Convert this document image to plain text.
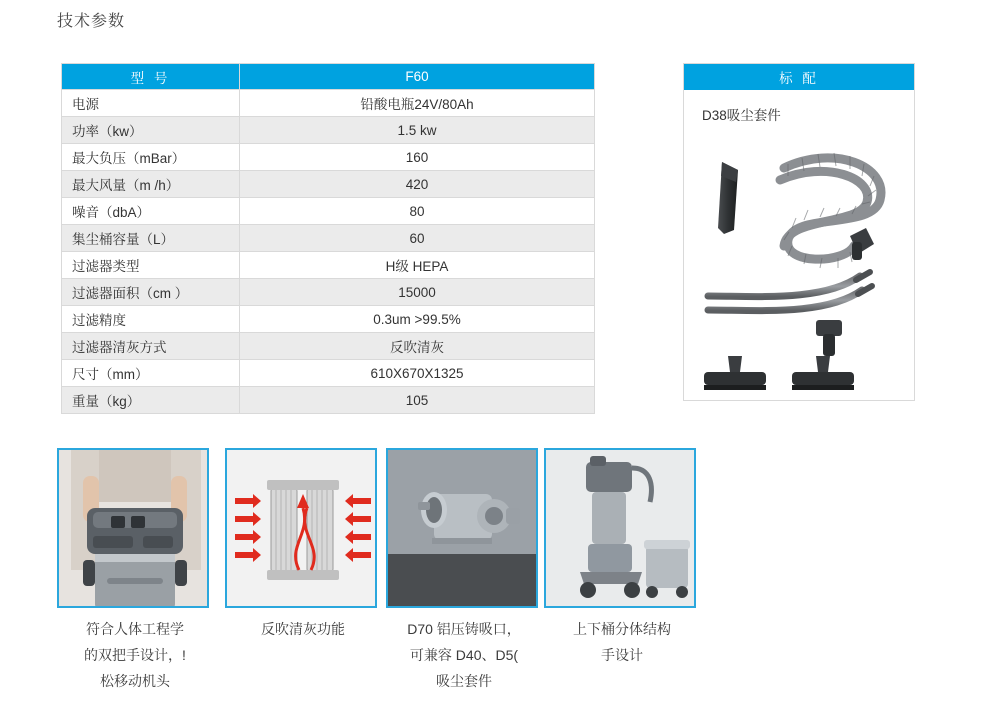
技术参数
型 号	F60
电源	铅酸电瓶24V/80Ah
功率（kw）	1.5 kw
最大负压（mBar）	160
最大风量（m /h）	420
噪音（dbA）	80
集尘桶容量（L）	60
过滤器类型	H级 HEPA
过滤器面积（cm ）	15000
过滤精度	0.3um >99.5%
过滤器清灰方式	反吹清灰
尺寸（mm）	610X670X1325
重量（kg）	105
标 配
D38吸尘套件
符合人体工程学
的双把手设计，!
松移动机头
反吹清灰功能	D70 铝压铸吸口，
可兼容 D40、D5(
吸尘套件
上下桶分体结构
手设计
